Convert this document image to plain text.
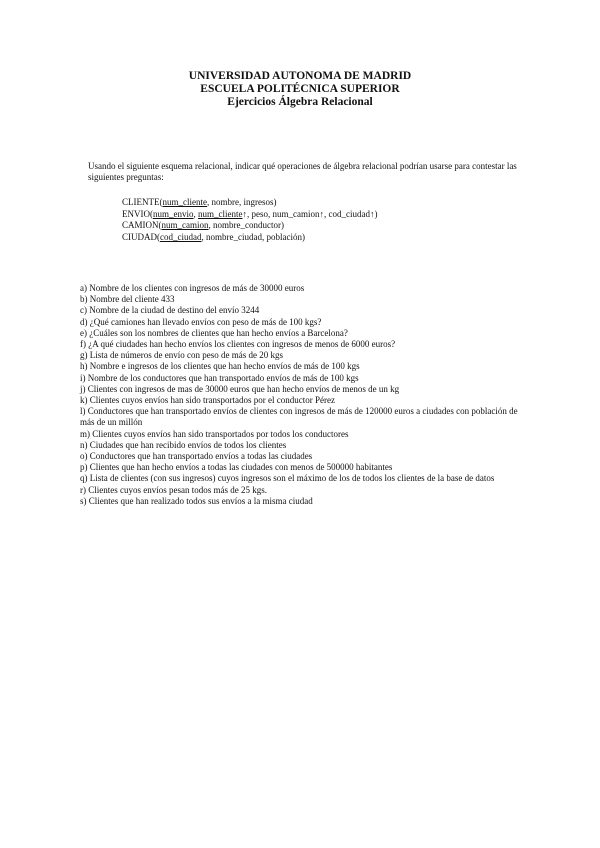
UNIVERSIDAD AUTONOMA DE MADRID
ESCUELA POLITÉCNICA SUPERIOR
Ejercicios Álgebra Relacional
Usando el siguiente esquema relacional, indicar qué operaciones de álgebra relacional podrían usarse para contestar las siguientes preguntas:
CLIENTE(num_cliente, nombre, ingresos)
ENVIO(num_envio, num_cliente↑, peso, num_camion↑, cod_ciudad↑)
CAMION(num_camion, nombre_conductor)
CIUDAD(cod_ciudad, nombre_ciudad, población)
a) Nombre de los clientes con ingresos de más de 30000 euros
b) Nombre del cliente 433
c) Nombre de la ciudad de destino del envío 3244
d) ¿Qué camiones han llevado envíos con peso de más de 100 kgs?
e) ¿Cuáles son los nombres de clientes que han hecho envíos a Barcelona?
f) ¿A qué ciudades han hecho envíos los clientes con ingresos de menos de 6000 euros?
g) Lista de números de envío con peso de más de 20 kgs
h) Nombre e ingresos de los clientes que han hecho envíos de más de 100 kgs
i) Nombre de los conductores que han transportado envíos de más de 100 kgs
j) Clientes con ingresos de mas de 30000 euros que han hecho envíos de menos de un kg
k) Clientes cuyos envíos han sido transportados por el conductor Pérez
l) Conductores que han transportado envíos de clientes con ingresos de más de 120000 euros a ciudades con población de más de un millón
m) Clientes cuyos envíos han sido transportados por todos los conductores
n) Ciudades que han recibido envíos de todos los clientes
o) Conductores que han transportado envíos a todas las ciudades
p) Clientes que han hecho envíos a todas las ciudades con menos de 500000 habitantes
q) Lista de clientes (con sus ingresos) cuyos ingresos son el máximo de los de todos los clientes de la base de datos
r) Clientes cuyos envíos pesan todos más de 25 kgs.
s) Clientes que han realizado todos sus envíos a la misma ciudad
